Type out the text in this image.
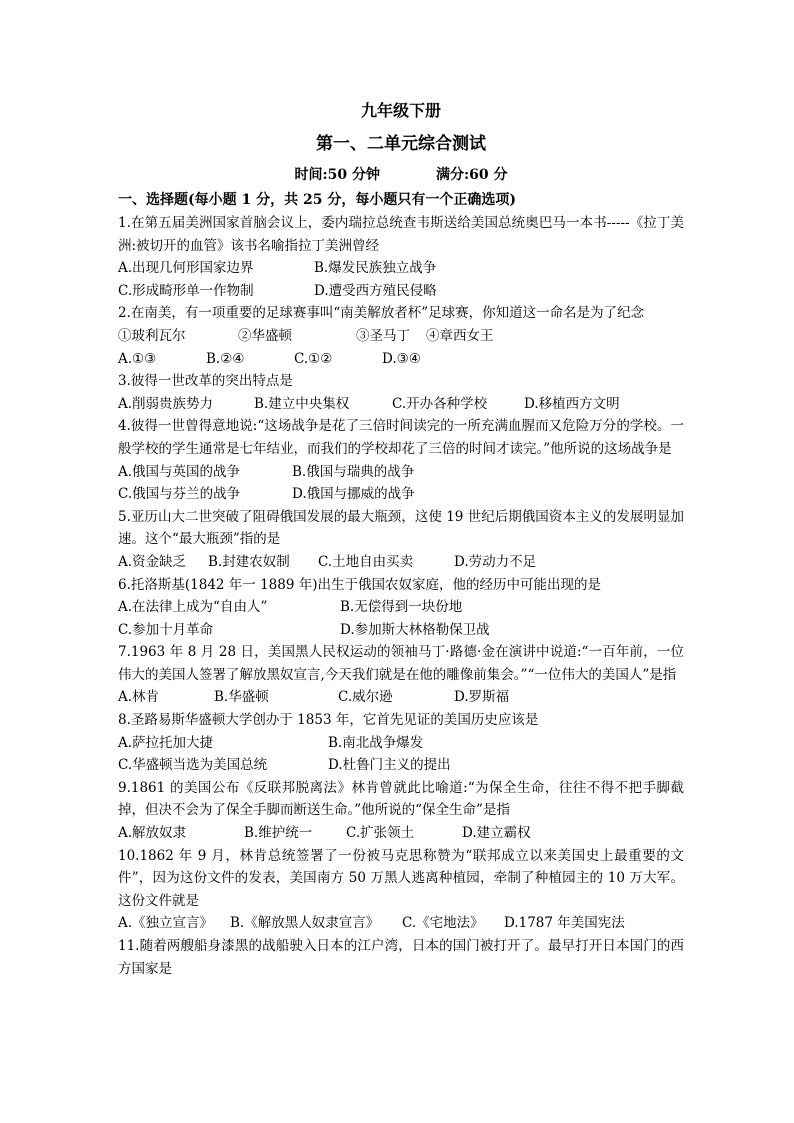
九年级下册
第一、二单元综合测试
时间:50 分钟	满分:60 分
一、选择题(每小题 1 分，共 25 分，每小题只有一个正确选项)

1.在第五届美洲国家首脑会议上，委内瑞拉总统查韦斯送给美国总统奥巴马一本书-----《拉丁美洲:被切开的血管》该书名喻指拉丁美洲曾经

A.出现几何形国家边界	B.爆发民族独立战争
C.形成畸形单一作物制	D.遭受西方殖民侵略

2.在南美，有一项重要的足球赛事叫“南美解放者杯”足球赛，你知道这一命名是为了纪念

①玻利瓦尔	②华盛顿	③圣马丁	④章西女王
A.①③	B.②④	C.①②	D.③④

3.彼得一世改革的突出特点是

A.削弱贵族势力	B.建立中央集权	C.开办各种学校	D.移植西方文明

4.彼得一世曾得意地说:“这场战争是花了三倍时间读完的一所充满血腥而又危险万分的学校。一般学校的学生通常是七年结业，而我们的学校却花了三倍的时间才读完。”他所说的这场战争是

A.俄国与英国的战争	B.俄国与瑞典的战争
C.俄国与芬兰的战争	D.俄国与挪威的战争

5.亚历山大二世突破了阻碍俄国发展的最大瓶颈，这使 19 世纪后期俄国资本主义的发展明显加速。这个“最大瓶颈”指的是

A.资金缺乏	B.封建农奴制	C.土地自由买卖	D.劳动力不足

6.托洛斯基(1842 年一 1889 年)出生于俄国农奴家庭，他的经历中可能出现的是

A.在法律上成为“自由人”	B.无偿得到一块份地
C.参加十月革命	D.参加斯大林格勒保卫战

7.1963 年 8 月 28 日，美国黑人民权运动的领袖马丁·路德·金在演讲中说道:“一百年前，一位伟大的美国人签署了解放黑奴宣言,今天我们就是在他的雕像前集会。”“一位伟大的美国人”是指

A.林肯	B.华盛顿	C.威尔逊	D.罗斯福

8.圣路易斯华盛顿大学创办于 1853 年，它首先见证的美国历史应该是

A.萨拉托加大捷	B.南北战争爆发
C.华盛顿当选为美国总统	D.杜鲁门主义的提出

9.1861 的美国公布《反联邦脱离法》林肯曾就此比喻道:“为保全生命，往往不得不把手脚截掉，但决不会为了保全手脚而断送生命。”他所说的“保全生命”是指

A.解放奴隶	B.维护统一	C.扩张领土	D.建立霸权

10.1862 年 9 月，林肯总统签署了一份被马克思称赞为“联邦成立以来美国史上最重要的文件”，因为这份文件的发表，美国南方 50 万黑人逃离种植园，牵制了种植园主的 10 万大军。这份文件就是

A.《独立宣言》	B.《解放黑人奴隶宣言》	C.《宅地法》	D.1787 年美国宪法

11.随着两艘船身漆黑的战船驶入日本的江户湾，日本的国门被打开了。最早打开日本国门的西方国家是
